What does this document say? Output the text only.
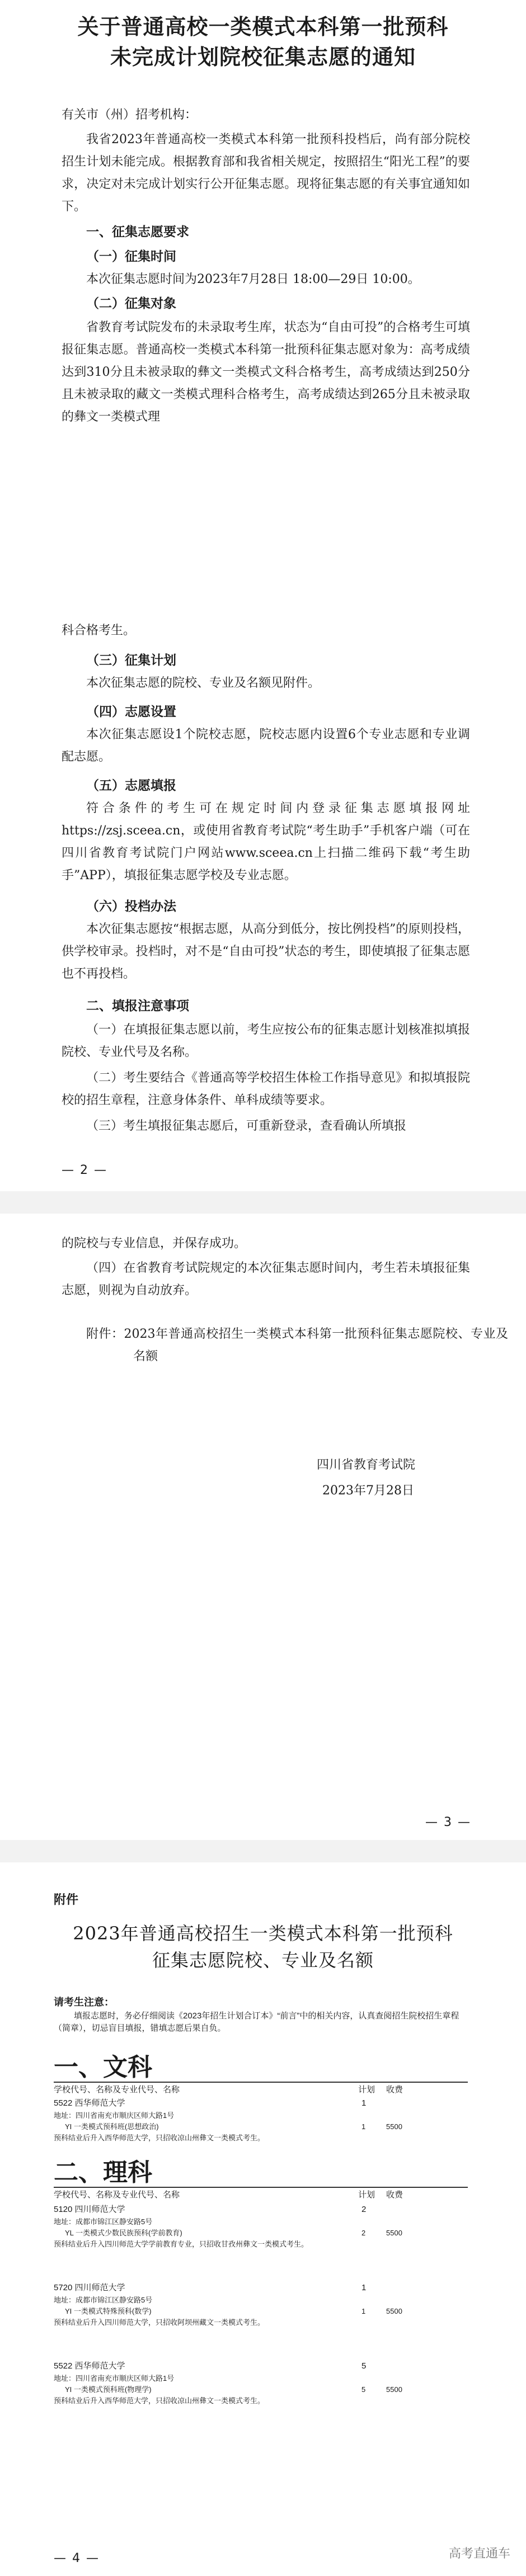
关于普通高校一类模式本科第一批预科
未完成计划院校征集志愿的通知
有关市（州）招考机构：
我省2023年普通高校一类模式本科第一批预科投档后，尚有部分院校招生计划未能完成。根据教育部和我省相关规定，按照招生“阳光工程”的要求，决定对未完成计划实行公开征集志愿。现将征集志愿的有关事宜通知如下。
一、征集志愿要求
（一）征集时间
本次征集志愿时间为2023年7月28日 18:00—29日 10:00。
（二）征集对象
省教育考试院发布的未录取考生库，状态为“自由可投”的合格考生可填报征集志愿。普通高校一类模式本科第一批预科征集志愿对象为：高考成绩达到310分且未被录取的彝文一类模式文科合格考生，高考成绩达到250分且未被录取的藏文一类模式理科合格考生，高考成绩达到265分且未被录取的彝文一类模式理
科合格考生。
（三）征集计划
本次征集志愿的院校、专业及名额见附件。
（四）志愿设置
本次征集志愿设1个院校志愿，院校志愿内设置6个专业志愿和专业调配志愿。
（五）志愿填报
符合条件的考生可在规定时间内登录征集志愿填报网址https://zsj.sceea.cn，或使用省教育考试院“考生助手”手机客户端（可在四川省教育考试院门户网站www.sceea.cn上扫描二维码下载“考生助手”APP），填报征集志愿学校及专业志愿。
（六）投档办法
本次征集志愿按“根据志愿，从高分到低分，按比例投档”的原则投档，供学校审录。投档时，对不是“自由可投”状态的考生，即使填报了征集志愿也不再投档。
二、填报注意事项
（一）在填报征集志愿以前，考生应按公布的征集志愿计划核准拟填报院校、专业代号及名称。
（二）考生要结合《普通高等学校招生体检工作指导意见》和拟填报院校的招生章程，注意身体条件、单科成绩等要求。
（三）考生填报征集志愿后，可重新登录，查看确认所填报
— 2 —
的院校与专业信息，并保存成功。
（四）在省教育考试院规定的本次征集志愿时间内，考生若未填报征集志愿，则视为自动放弃。
附件：2023年普通高校招生一类模式本科第一批预科征集志愿院校、专业及名额
四川省教育考试院
2023年7月28日
— 3 —
附件
2023年普通高校招生一类模式本科第一批预科
征集志愿院校、专业及名额
请考生注意：
填报志愿时，务必仔细阅读《2023年招生计划合订本》“前言”中的相关内容，认真查阅招生院校招生章程（简章），切忌盲目填报，错填志愿后果自负。
一、文科
学校代号、名称及专业代号、名称	计划 收费
5522 西华师范大学	1
地址：四川省南充市顺庆区师大路1号
YI 一类模式预科班(思想政治)	1	5500
预科结业后升入西华师范大学，只招收凉山州彝文一类模式考生。
二、理科
学校代号、名称及专业代号、名称	计划 收费
5120 四川师范大学	2
地址：成都市锦江区静安路5号
YL 一类模式少数民族预科(学前教育)	2	5500
预科结业后升入四川师范大学学前教育专业，只招收甘孜州彝文一类模式考生。
5720 四川师范大学	1
地址：成都市锦江区静安路5号
YI 一类模式特殊预科(数学)	1	5500
预科结业后升入四川师范大学，只招收阿坝州藏文一类模式考生。
5522 西华师范大学	5
地址：四川省南充市顺庆区师大路1号
YI 一类模式预科班(物理学)	5	5500
预科结业后升入西华师范大学，只招收凉山州彝文一类模式考生。
— 4 —	高考直通车
